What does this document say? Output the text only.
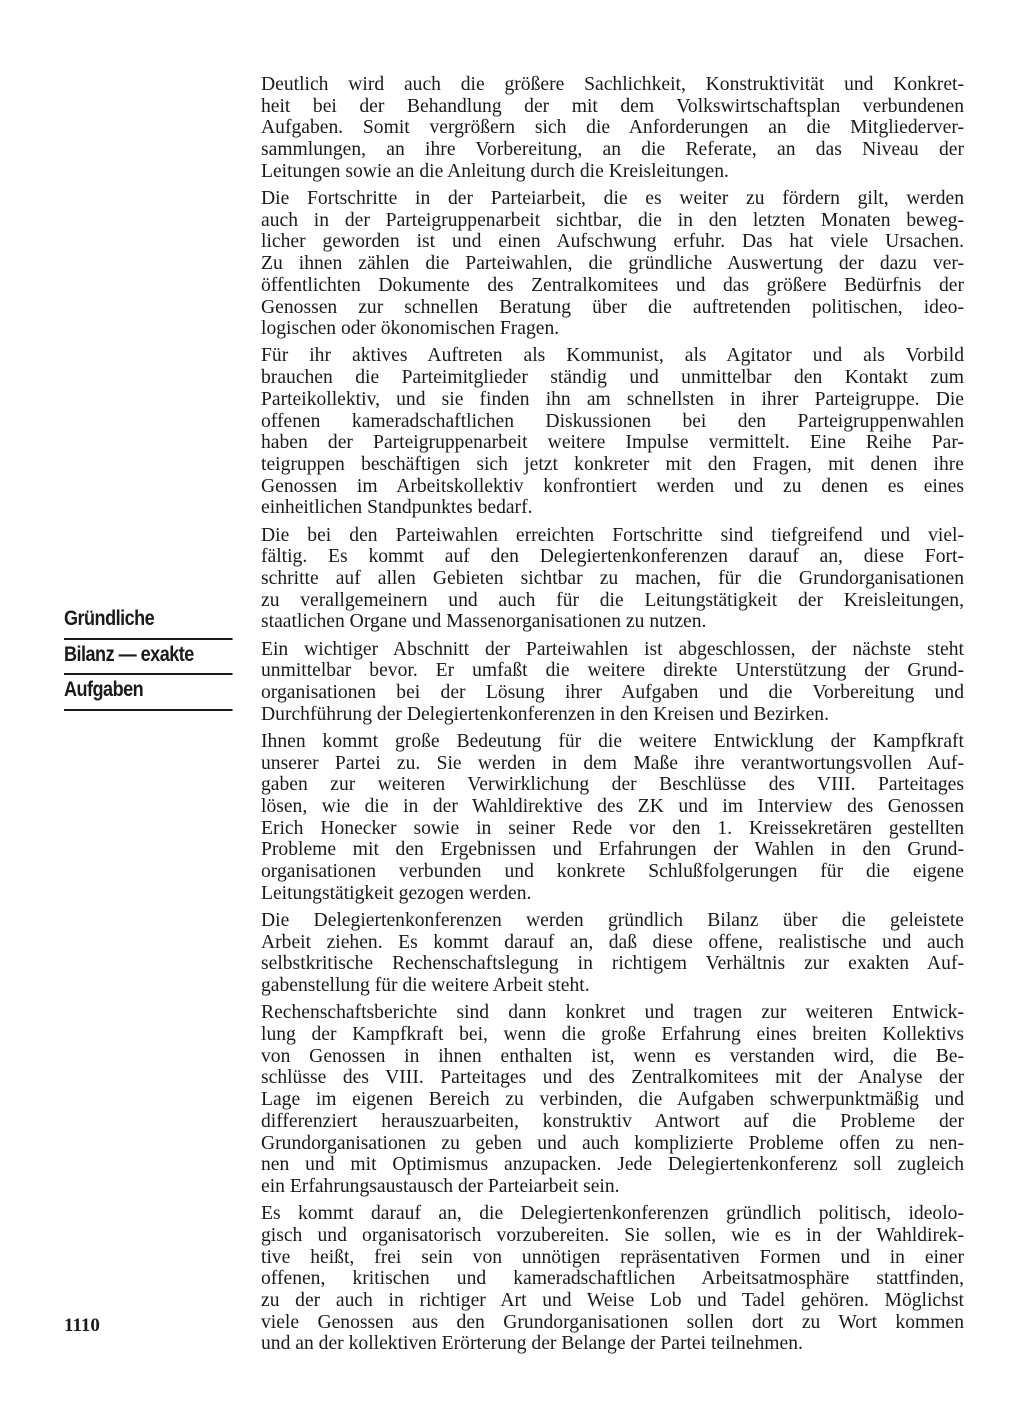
Gründliche
Bilanz — exakte
Aufgaben

Deutlich wird auch die größere Sachlichkeit, Konstruktivität und Konkret-
heit bei der Behandlung der mit dem Volkswirtschaftsplan verbundenen
Aufgaben. Somit vergrößern sich die Anforderungen an die Mitgliederver-
sammlungen, an ihre Vorbereitung, an die Referate, an das Niveau der
Leitungen sowie an die Anleitung durch die Kreisleitungen.

Die Fortschritte in der Parteiarbeit, die es weiter zu fördern gilt, werden
auch in der Parteigruppenarbeit sichtbar, die in den letzten Monaten beweg-
licher geworden ist und einen Aufschwung erfuhr. Das hat viele Ursachen.
Zu ihnen zählen die Parteiwahlen, die gründliche Auswertung der dazu ver-
öffentlichten Dokumente des Zentralkomitees und das größere Bedürfnis der
Genossen zur schnellen Beratung über die auftretenden politischen, ideo-
logischen oder ökonomischen Fragen.

Für ihr aktives Auftreten als Kommunist, als Agitator und als Vorbild
brauchen die Parteimitglieder ständig und unmittelbar den Kontakt zum
Parteikollektiv, und sie finden ihn am schnellsten in ihrer Parteigruppe. Die
offenen kameradschaftlichen Diskussionen bei den Parteigruppenwahlen
haben der Parteigruppenarbeit weitere Impulse vermittelt. Eine Reihe Par-
teigruppen beschäftigen sich jetzt konkreter mit den Fragen, mit denen ihre
Genossen im Arbeitskollektiv konfrontiert werden und zu denen es eines
einheitlichen Standpunktes bedarf.

Die bei den Parteiwahlen erreichten Fortschritte sind tiefgreifend und viel-
fältig. Es kommt auf den Delegiertenkonferenzen darauf an, diese Fort-
schritte auf allen Gebieten sichtbar zu machen, für die Grundorganisationen
zu verallgemeinern und auch für die Leitungstätigkeit der Kreisleitungen,
staatlichen Organe und Massenorganisationen zu nutzen.

Ein wichtiger Abschnitt der Parteiwahlen ist abgeschlossen, der nächste steht
unmittelbar bevor. Er umfaßt die weitere direkte Unterstützung der Grund-
organisationen bei der Lösung ihrer Aufgaben und die Vorbereitung und
Durchführung der Delegiertenkonferenzen in den Kreisen und Bezirken.

Ihnen kommt große Bedeutung für die weitere Entwicklung der Kampfkraft
unserer Partei zu. Sie werden in dem Maße ihre verantwortungsvollen Auf-
gaben zur weiteren Verwirklichung der Beschlüsse des VIII. Parteitages
lösen, wie die in der Wahldirektive des ZK und im Interview des Genossen
Erich Honecker sowie in seiner Rede vor den 1. Kreissekretären gestellten
Probleme mit den Ergebnissen und Erfahrungen der Wahlen in den Grund-
organisationen verbunden und konkrete Schlußfolgerungen für die eigene
Leitungstätigkeit gezogen werden.

Die Delegiertenkonferenzen werden gründlich Bilanz über die geleistete
Arbeit ziehen. Es kommt darauf an, daß diese offene, realistische und auch
selbstkritische Rechenschaftslegung in richtigem Verhältnis zur exakten Auf-
gabenstellung für die weitere Arbeit steht.

Rechenschaftsberichte sind dann konkret und tragen zur weiteren Entwick-
lung der Kampfkraft bei, wenn die große Erfahrung eines breiten Kollektivs
von Genossen in ihnen enthalten ist, wenn es verstanden wird, die Be-
schlüsse des VIII. Parteitages und des Zentralkomitees mit der Analyse der
Lage im eigenen Bereich zu verbinden, die Aufgaben schwerpunktmäßig und
differenziert herauszuarbeiten, konstruktiv Antwort auf die Probleme der
Grundorganisationen zu geben und auch komplizierte Probleme offen zu nen-
nen und mit Optimismus anzupacken. Jede Delegiertenkonferenz soll zugleich
ein Erfahrungsaustausch der Parteiarbeit sein.

Es kommt darauf an, die Delegiertenkonferenzen gründlich politisch, ideolo-
gisch und organisatorisch vorzubereiten. Sie sollen, wie es in der Wahldirek-
tive heißt, frei sein von unnötigen repräsentativen Formen und in einer
offenen, kritischen und kameradschaftlichen Arbeitsatmosphäre stattfinden,
zu der auch in richtiger Art und Weise Lob und Tadel gehören. Möglichst
viele Genossen aus den Grundorganisationen sollen dort zu Wort kommen
und an der kollektiven Erörterung der Belange der Partei teilnehmen.

1110
